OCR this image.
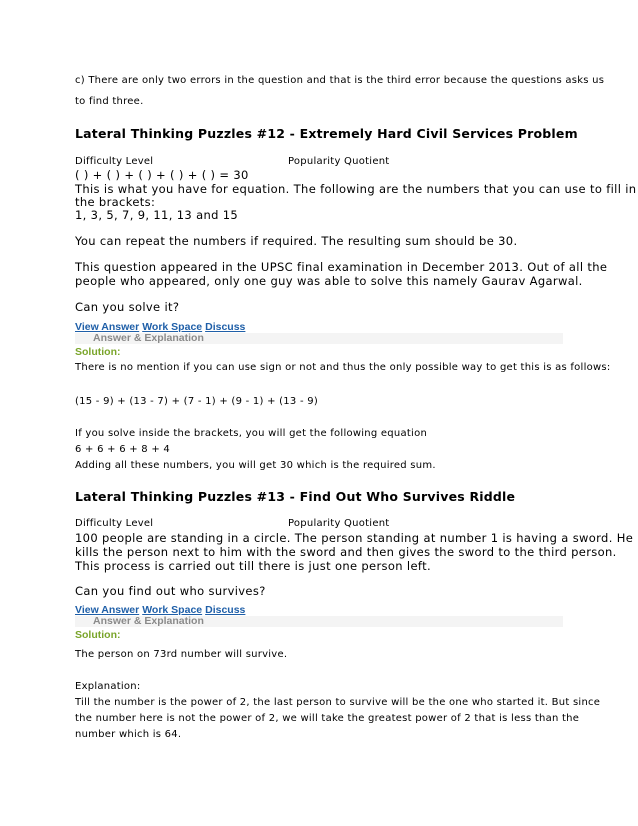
c) There are only two errors in the question and that is the third error because the questions asks us
to find three.
Lateral Thinking Puzzles #12 - Extremely Hard Civil Services Problem
Difficulty Level	Popularity Quotient
( ) + ( ) + ( ) + ( ) + ( ) = 30
This is what you have for equation. The following are the numbers that you can use to fill in
the brackets:
1, 3, 5, 7, 9, 11, 13 and 15
You can repeat the numbers if required. The resulting sum should be 30.
This question appeared in the UPSC final examination in December 2013. Out of all the
people who appeared, only one guy was able to solve this namely Gaurav Agarwal.
Can you solve it?
View Answer Work Space Discuss
Answer & Explanation
Solution:
There is no mention if you can use sign or not and thus the only possible way to get this is as follows:
(15 - 9) + (13 - 7) + (7 - 1) + (9 - 1) + (13 - 9)
If you solve inside the brackets, you will get the following equation
6 + 6 + 6 + 8 + 4
Adding all these numbers, you will get 30 which is the required sum.
Lateral Thinking Puzzles #13 - Find Out Who Survives Riddle
Difficulty Level	Popularity Quotient
100 people are standing in a circle. The person standing at number 1 is having a sword. He
kills the person next to him with the sword and then gives the sword to the third person.
This process is carried out till there is just one person left.
Can you find out who survives?
View Answer Work Space Discuss
Answer & Explanation
Solution:
The person on 73rd number will survive.
Explanation:
Till the number is the power of 2, the last person to survive will be the one who started it. But since
the number here is not the power of 2, we will take the greatest power of 2 that is less than the
number which is 64.
